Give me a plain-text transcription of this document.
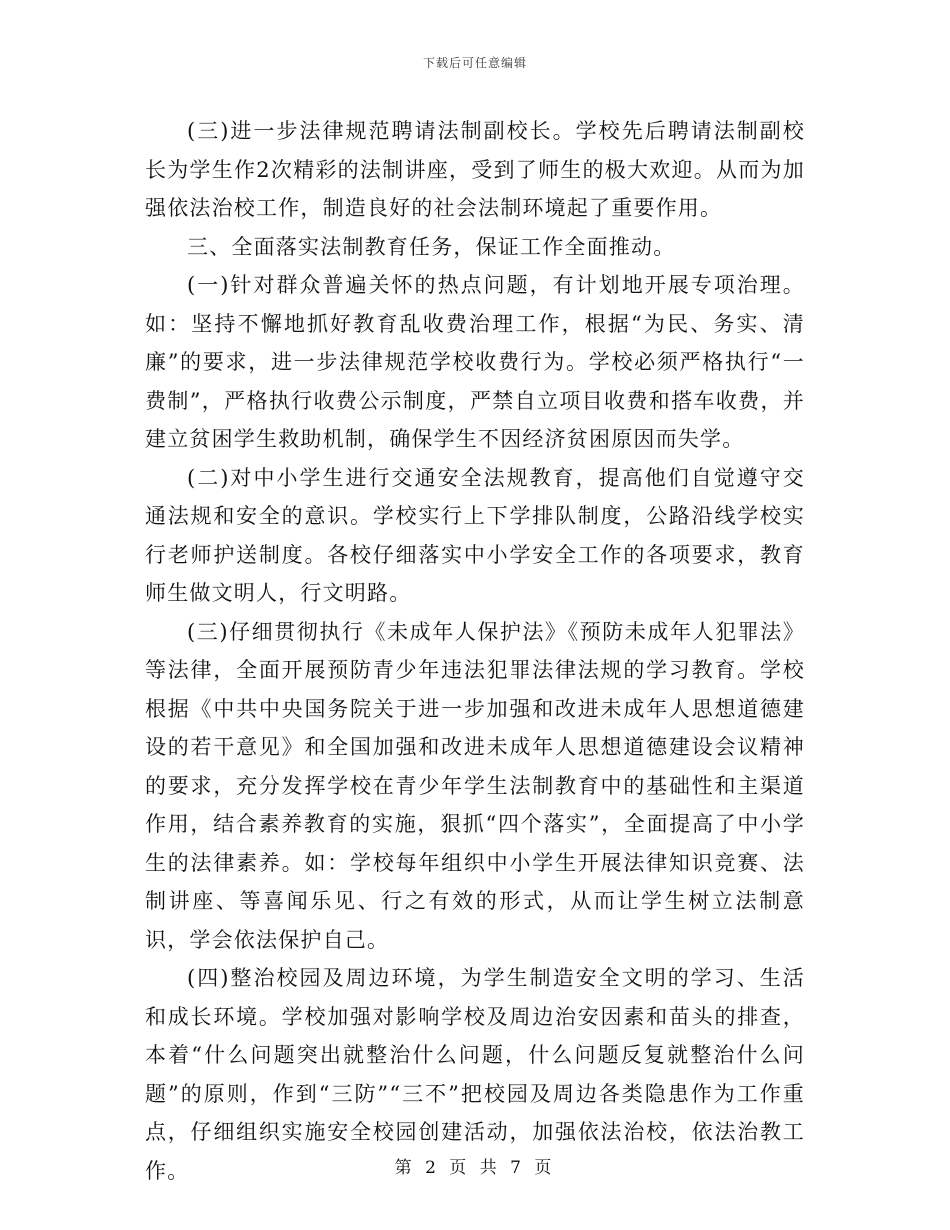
下载后可任意编辑

(三)进一步法律规范聘请法制副校长。学校先后聘请法制副校长为学生作2次精彩的法制讲座，受到了师生的极大欢迎。从而为加强依法治校工作，制造良好的社会法制环境起了重要作用。

三、全面落实法制教育任务，保证工作全面推动。

(一)针对群众普遍关怀的热点问题，有计划地开展专项治理。如：坚持不懈地抓好教育乱收费治理工作，根据“为民、务实、清廉”的要求，进一步法律规范学校收费行为。学校必须严格执行“一费制”，严格执行收费公示制度，严禁自立项目收费和搭车收费，并建立贫困学生救助机制，确保学生不因经济贫困原因而失学。

(二)对中小学生进行交通安全法规教育，提高他们自觉遵守交通法规和安全的意识。学校实行上下学排队制度，公路沿线学校实行老师护送制度。各校仔细落实中小学安全工作的各项要求，教育师生做文明人，行文明路。

(三)仔细贯彻执行《未成年人保护法》《预防未成年人犯罪法》等法律，全面开展预防青少年违法犯罪法律法规的学习教育。学校根据《中共中央国务院关于进一步加强和改进未成年人思想道德建设的若干意见》和全国加强和改进未成年人思想道德建设会议精神的要求，充分发挥学校在青少年学生法制教育中的基础性和主渠道作用，结合素养教育的实施，狠抓“四个落实”，全面提高了中小学生的法律素养。如：学校每年组织中小学生开展法律知识竞赛、法制讲座、等喜闻乐见、行之有效的形式，从而让学生树立法制意识，学会依法保护自己。

(四)整治校园及周边环境，为学生制造安全文明的学习、生活和成长环境。学校加强对影响学校及周边治安因素和苗头的排查，本着“什么问题突出就整治什么问题，什么问题反复就整治什么问题”的原则，作到“三防”“三不”把校园及周边各类隐患作为工作重点，仔细组织实施安全校园创建活动，加强依法治校，依法治教工作。	第 2 页 共 7 页
